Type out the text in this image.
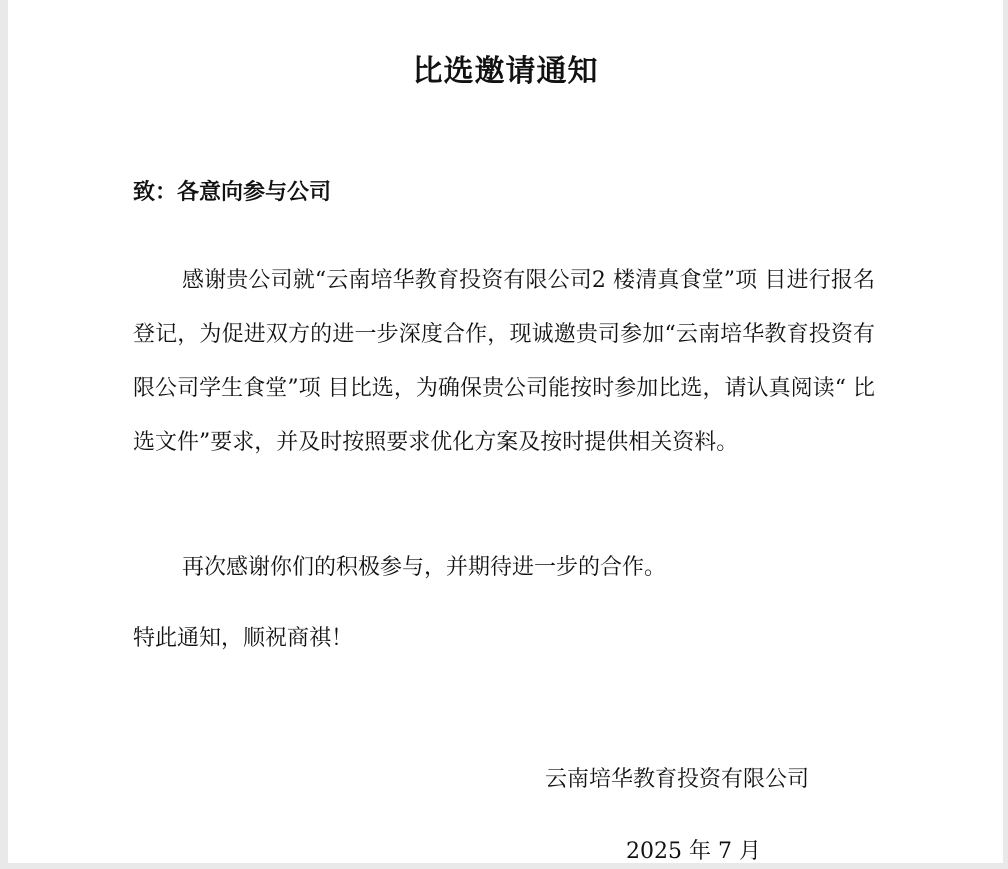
比选邀请通知

致：各意向参与公司

感谢贵公司就“云南培华教育投资有限公司2 楼清真食堂”项 目进行报名登记，为促进双方的进一步深度合作，现诚邀贵司参加“云南培华教育投资有限公司学生食堂”项 目比选，为确保贵公司能按时参加比选，请认真阅读“ 比选文件”要求，并及时按照要求优化方案及按时提供相关资料。

再次感谢你们的积极参与，并期待进一步的合作。

特此通知，顺祝商祺！

云南培华教育投资有限公司

2025 年 7 月
